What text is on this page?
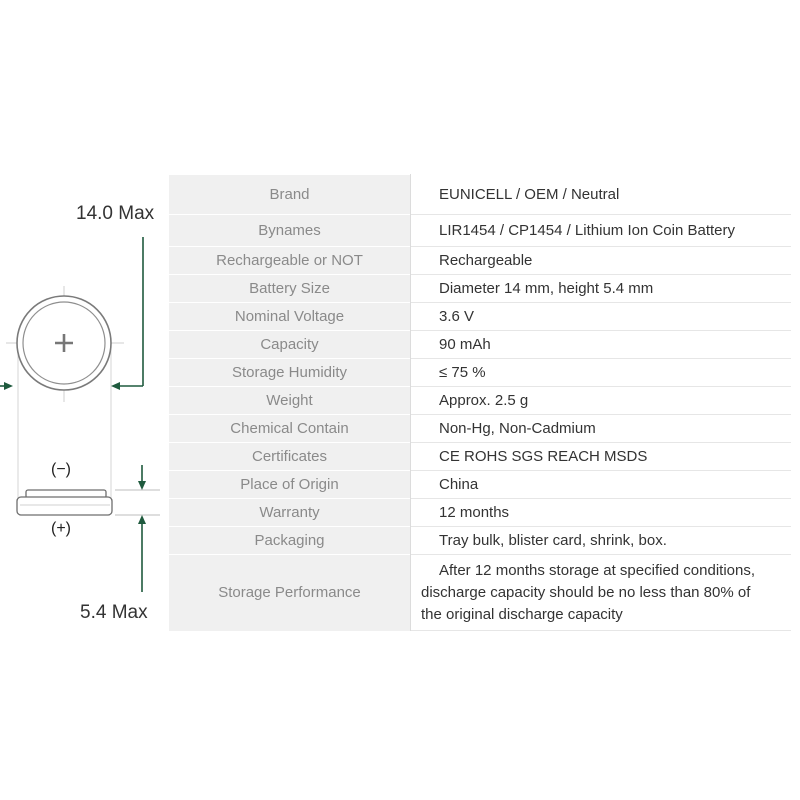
14.0 Max
5.4 Max
(−)
(+)
Brand	EUNICELL / OEM / Neutral
Bynames	LIR1454 / CP1454 / Lithium Ion Coin Battery
Rechargeable or NOT	Rechargeable
Battery Size	Diameter 14 mm, height 5.4 mm
Nominal Voltage	3.6 V
Capacity	90 mAh
Storage Humidity	≤ 75 %
Weight	Approx. 2.5 g
Chemical Contain	Non-Hg, Non-Cadmium
Certificates	CE ROHS SGS REACH MSDS
Place of Origin	China
Warranty	12 months
Packaging	Tray bulk, blister card, shrink, box.
Storage Performance	After 12 months storage at specified conditions,
discharge capacity should be no less than 80% of
the original discharge capacity
